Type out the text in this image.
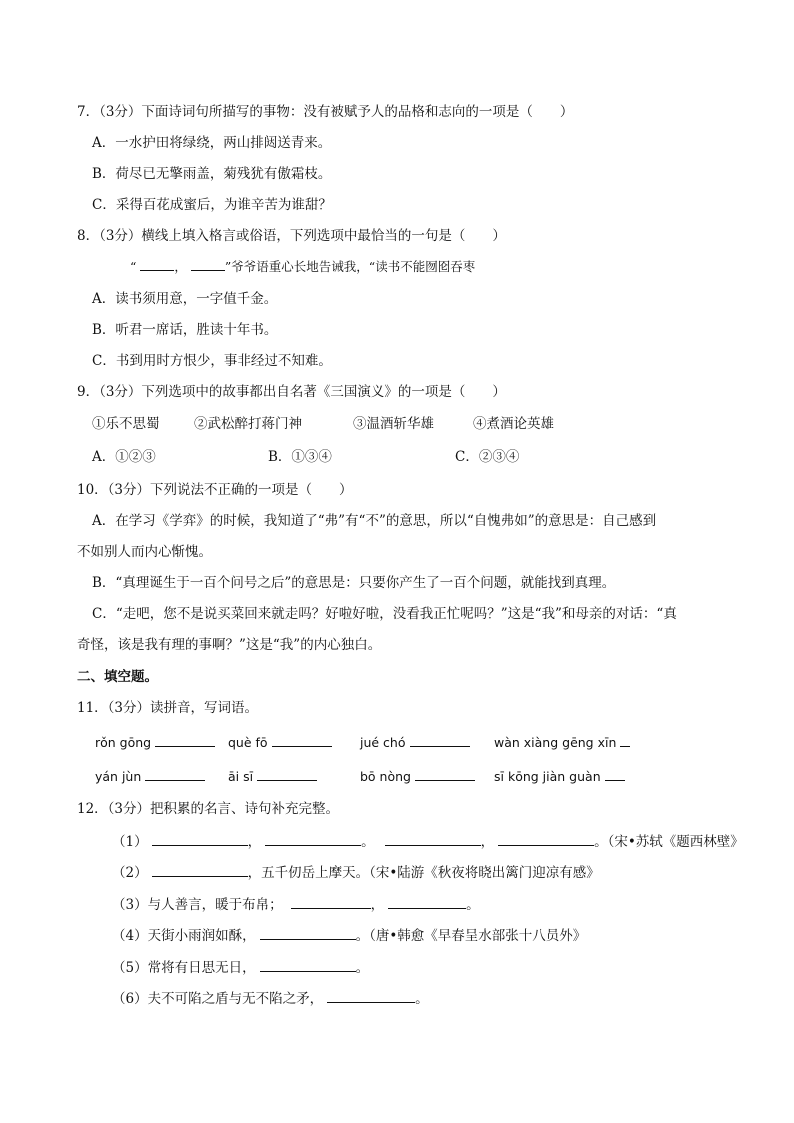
7．（3分）下面诗词句所描写的事物：没有被赋予人的品格和志向的一项是（　　）
A．一水护田将绿绕，两山排闼送青来。
B．荷尽已无擎雨盖，菊残犹有傲霜枝。
C．采得百花成蜜后，为谁辛苦为谁甜？
8．（3分）横线上填入格言或俗语，下列选项中最恰当的一句是（　　）
“	，	”爷爷语重心长地告诫我，“读书不能囫囵吞枣
A．读书须用意，一字值千金。
B．听君一席话，胜读十年书。
C．书到用时方恨少，事非经过不知难。
9．（3分）下列选项中的故事都出自名著《三国演义》的一项是（　　）
①乐不思蜀	②武松醉打蒋门神	③温酒斩华雄	④煮酒论英雄
A．①②③	B．①③④	C．②③④
10．（3分）下列说法不正确的一项是（　　）
A．在学习《学弈》的时候，我知道了“弗”有“不”的意思，所以“自愧弗如”的意思是：自己感到
不如别人而内心惭愧。
B．“真理诞生于一百个问号之后”的意思是：只要你产生了一百个问题，就能找到真理。
C．“走吧，您不是说买菜回来就走吗？好啦好啦，没看我正忙呢吗？”这是“我”和母亲的对话：“真
奇怪，该是我有理的事啊？”这是“我”的内心独白。
二、填空题。
11．（3分）读拼音，写词语。
rǒn gōng	què fō	jué chó	wàn xiàng gēng xīn
yán jùn	āi sī	bō nòng	sī kōng jiàn guàn
12．（3分）把积累的名言、诗句补充完整。
（1）	，	。	，	。（宋•苏轼《题西林壁》
（2）	，五千仞岳上摩天。（宋•陆游《秋夜将晓出篱门迎凉有感》
（3）与人善言，暖于布帛；	，	。
（4）天街小雨润如酥，	。（唐•韩愈《早春呈水部张十八员外》
（5）常将有日思无日，	。
（6）夫不可陷之盾与无不陷之矛，	。
